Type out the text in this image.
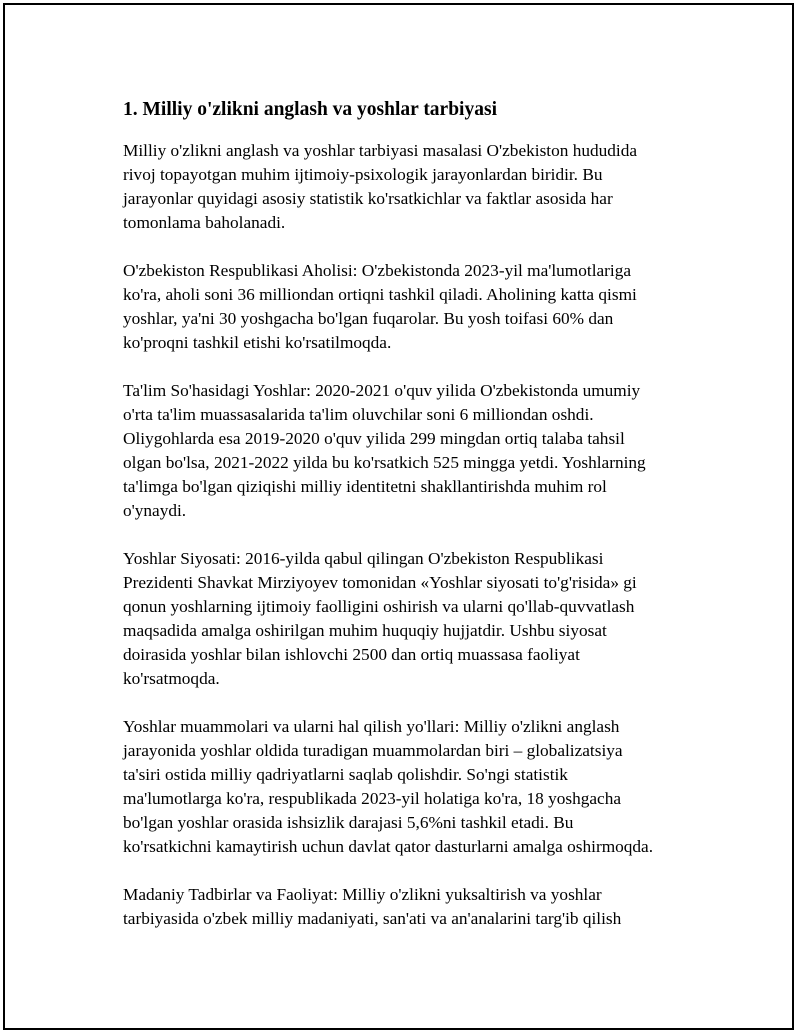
1. Milliy o'zlikni anglash va yoshlar tarbiyasi

Milliy o'zlikni anglash va yoshlar tarbiyasi masalasi O'zbekiston hududida
rivoj topayotgan muhim ijtimoiy-psixologik jarayonlardan biridir. Bu
jarayonlar quyidagi asosiy statistik ko'rsatkichlar va faktlar asosida har
tomonlama baholanadi.

O'zbekiston Respublikasi Aholisi: O'zbekistonda 2023-yil ma'lumotlariga
ko'ra, aholi soni 36 milliondan ortiqni tashkil qiladi. Aholining katta qismi
yoshlar, ya'ni 30 yoshgacha bo'lgan fuqarolar. Bu yosh toifasi 60% dan
ko'proqni tashkil etishi ko'rsatilmoqda.

Ta'lim So'hasidagi Yoshlar: 2020-2021 o'quv yilida O'zbekistonda umumiy
o'rta ta'lim muassasalarida ta'lim oluvchilar soni 6 milliondan oshdi.
Oliygohlarda esa 2019-2020 o'quv yilida 299 mingdan ortiq talaba tahsil
olgan bo'lsa, 2021-2022 yilda bu ko'rsatkich 525 mingga yetdi. Yoshlarning
ta'limga bo'lgan qiziqishi milliy identitetni shakllantirishda muhim rol
o'ynaydi.

Yoshlar Siyosati: 2016-yilda qabul qilingan O'zbekiston Respublikasi
Prezidenti Shavkat Mirziyoyev tomonidan «Yoshlar siyosati to'g'risida» gi
qonun yoshlarning ijtimoiy faolligini oshirish va ularni qo'llab-quvvatlash
maqsadida amalga oshirilgan muhim huquqiy hujjatdir. Ushbu siyosat
doirasida yoshlar bilan ishlovchi 2500 dan ortiq muassasa faoliyat
ko'rsatmoqda.

Yoshlar muammolari va ularni hal qilish yo'llari: Milliy o'zlikni anglash
jarayonida yoshlar oldida turadigan muammolardan biri – globalizatsiya
ta'siri ostida milliy qadriyatlarni saqlab qolishdir. So'ngi statistik
ma'lumotlarga ko'ra, respublikada 2023-yil holatiga ko'ra, 18 yoshgacha
bo'lgan yoshlar orasida ishsizlik darajasi 5,6%ni tashkil etadi. Bu
ko'rsatkichni kamaytirish uchun davlat qator dasturlarni amalga oshirmoqda.

Madaniy Tadbirlar va Faoliyat: Milliy o'zlikni yuksaltirish va yoshlar
tarbiyasida o'zbek milliy madaniyati, san'ati va an'analarini targ'ib qilish
